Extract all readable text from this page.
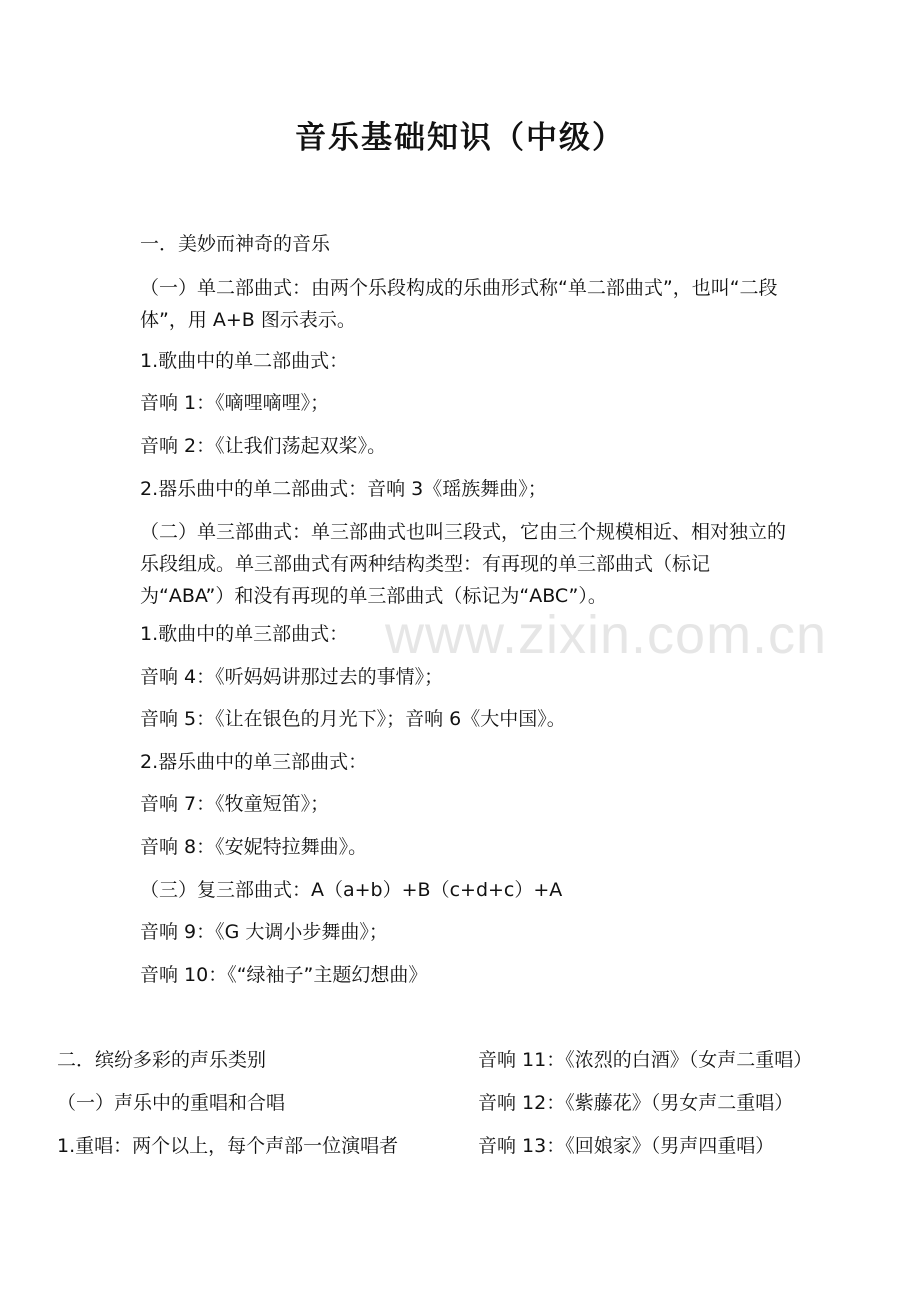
www.zixin.com.cn
音乐基础知识（中级）
一．美妙而神奇的音乐
（一）单二部曲式：由两个乐段构成的乐曲形式称“单二部曲式”，也叫“二段体”，用 A+B 图示表示。
1.歌曲中的单二部曲式：
音响 1：《嘀哩嘀哩》；
音响 2：《让我们荡起双桨》。
2.器乐曲中的单二部曲式：音响 3《瑶族舞曲》；
（二）单三部曲式：单三部曲式也叫三段式，它由三个规模相近、相对独立的乐段组成。单三部曲式有两种结构类型：有再现的单三部曲式（标记为“ABA”）和没有再现的单三部曲式（标记为“ABC”）。
1.歌曲中的单三部曲式：
音响 4：《听妈妈讲那过去的事情》；
音响 5：《让在银色的月光下》；音响 6《大中国》。
2.器乐曲中的单三部曲式：
音响 7：《牧童短笛》；
音响 8：《安妮特拉舞曲》。
（三）复三部曲式：A（a+b）+B（c+d+c）+A
音响 9：《G 大调小步舞曲》；
音响 10：《“绿袖子”主题幻想曲》
二．缤纷多彩的声乐类别
（一）声乐中的重唱和合唱
1.重唱：两个以上，每个声部一位演唱者
音响 11：《浓烈的白酒》（女声二重唱）
音响 12：《紫藤花》（男女声二重唱）
音响 13：《回娘家》（男声四重唱）
